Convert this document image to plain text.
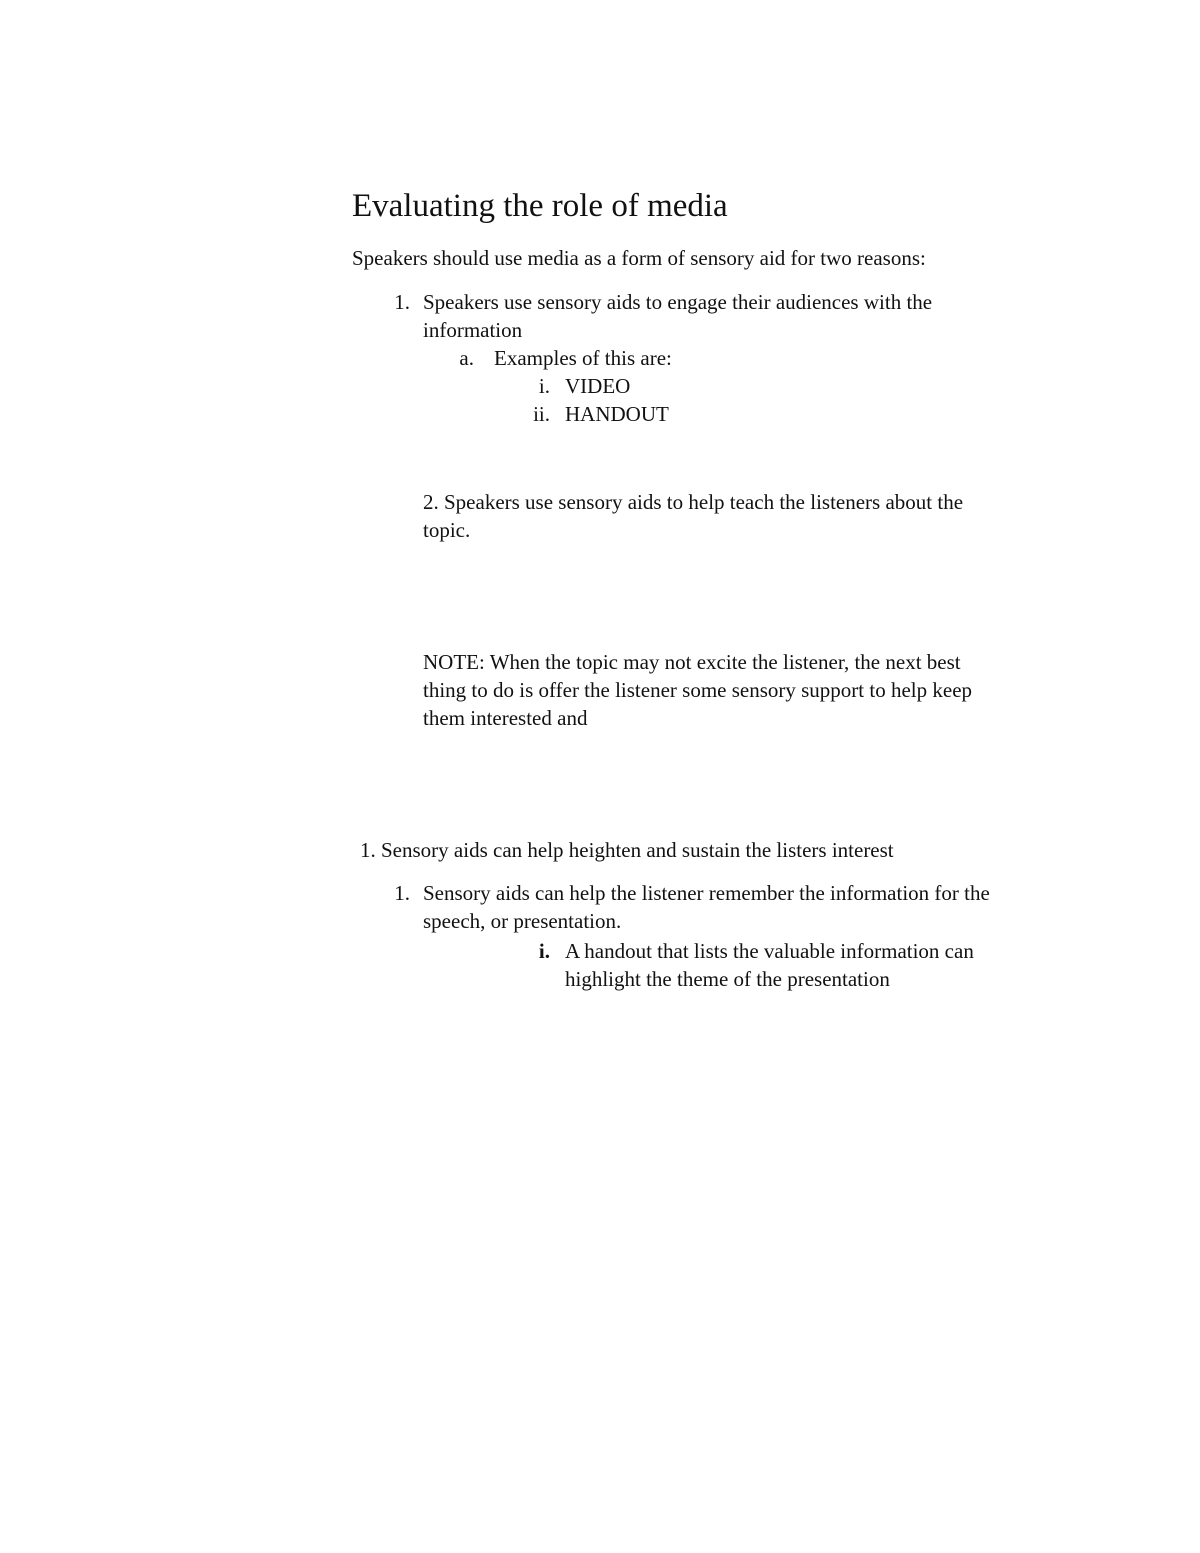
Evaluating the role of media
Speakers should use media as a form of sensory aid for two reasons:
1. Speakers use sensory aids to engage their audiences with the
information
a. Examples of this are:
i. VIDEO
ii. HANDOUT
2. Speakers use sensory aids to help teach the listeners about the
topic.
NOTE: When the topic may not excite the listener, the next best
thing to do is offer the listener some sensory support to help keep
them interested and
1. Sensory aids can help heighten and sustain the listers interest
1. Sensory aids can help the listener remember the information for the
speech, or presentation.
i. A handout that lists the valuable information can
highlight the theme of the presentation
